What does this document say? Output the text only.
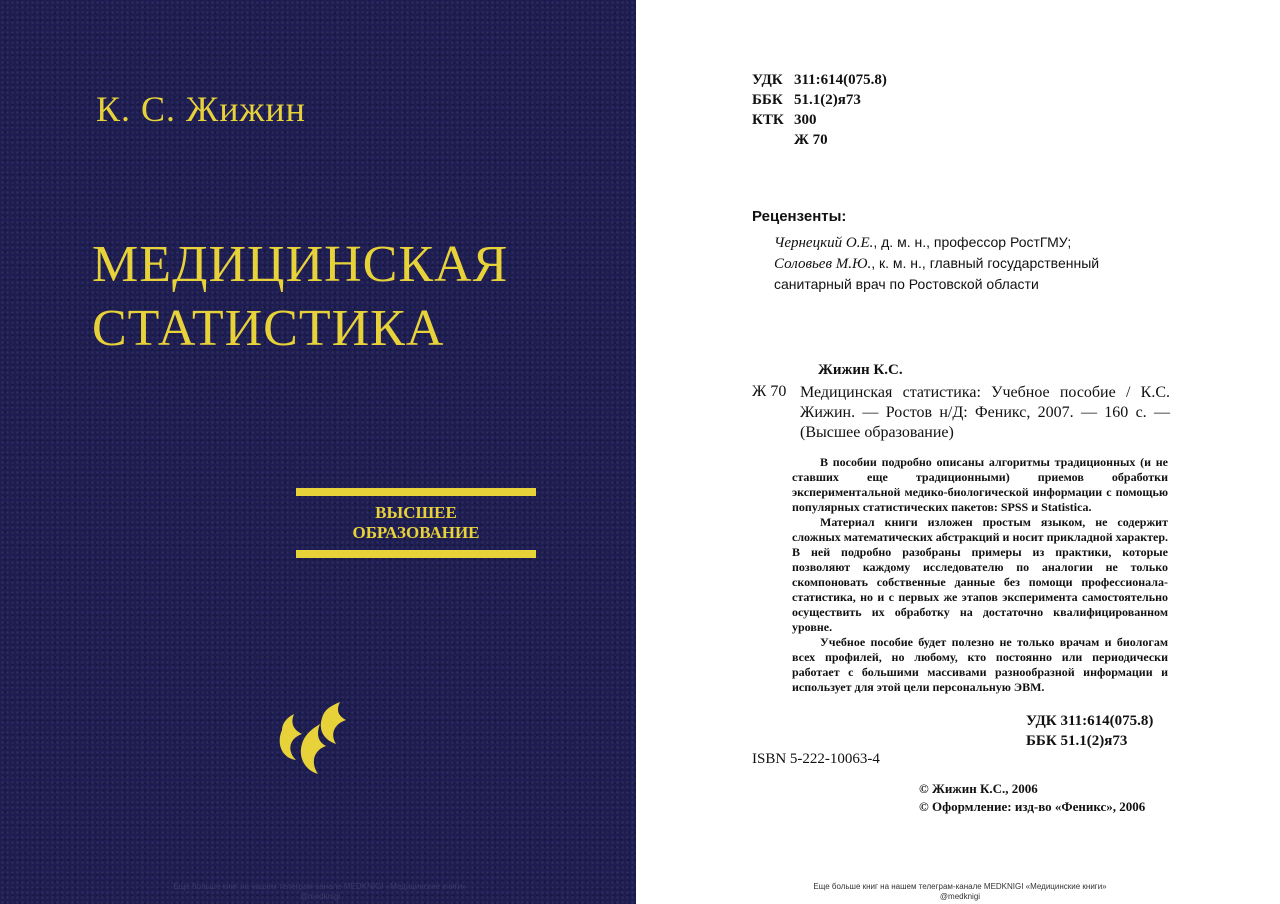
К. С. Жижин
МЕДИЦИНСКАЯ
СТАТИСТИКА
ВЫСШЕЕ
ОБРАЗОВАНИЕ
Еще больше книг на нашем телеграм-канале MEDKNIGI «Медицинские книги»
@medknigi
УДК 311:614(075.8)
ББК 51.1(2)я73
КТК 300
Ж 70
Рецензенты:

Чернецкий О.Е., д. м. н., профессор РостГМУ;

Соловьев М.Ю., к. м. н., главный государственный санитарный врач по Ростовской области

Жижин К.С.
Ж 70 Медицинская статистика: Учебное пособие / К.С. Жижин. — Ростов н/Д: Феникс, 2007. — 160 с. — (Высшее образование)

В пособии подробно описаны алгоритмы традиционных (и не ставших еще традиционными) приемов обработки экспериментальной медико-биологической информации с помощью популярных статистических пакетов: SPSS и Statistica.

Материал книги изложен простым языком, не содержит сложных математических абстракций и носит прикладной характер. В ней подробно разобраны примеры из практики, которые позволяют каждому исследователю по аналогии не только скомпоновать собственные данные без помощи профессионала-статистика, но и с первых же этапов эксперимента самостоятельно осуществить их обработку на достаточно квалифицированном уровне.

Учебное пособие будет полезно не только врачам и биологам всех профилей, но любому, кто постоянно или периодически работает с большими массивами разнообразной информации и использует для этой цели персональную ЭВМ.

УДК 311:614(075.8)
ББК 51.1(2)я73
ISBN 5-222-10063-4
© Жижин К.С., 2006
© Оформление: изд-во «Феникс», 2006
Еще больше книг на нашем телеграм-канале MEDKNIGI «Медицинские книги»
@medknigi
